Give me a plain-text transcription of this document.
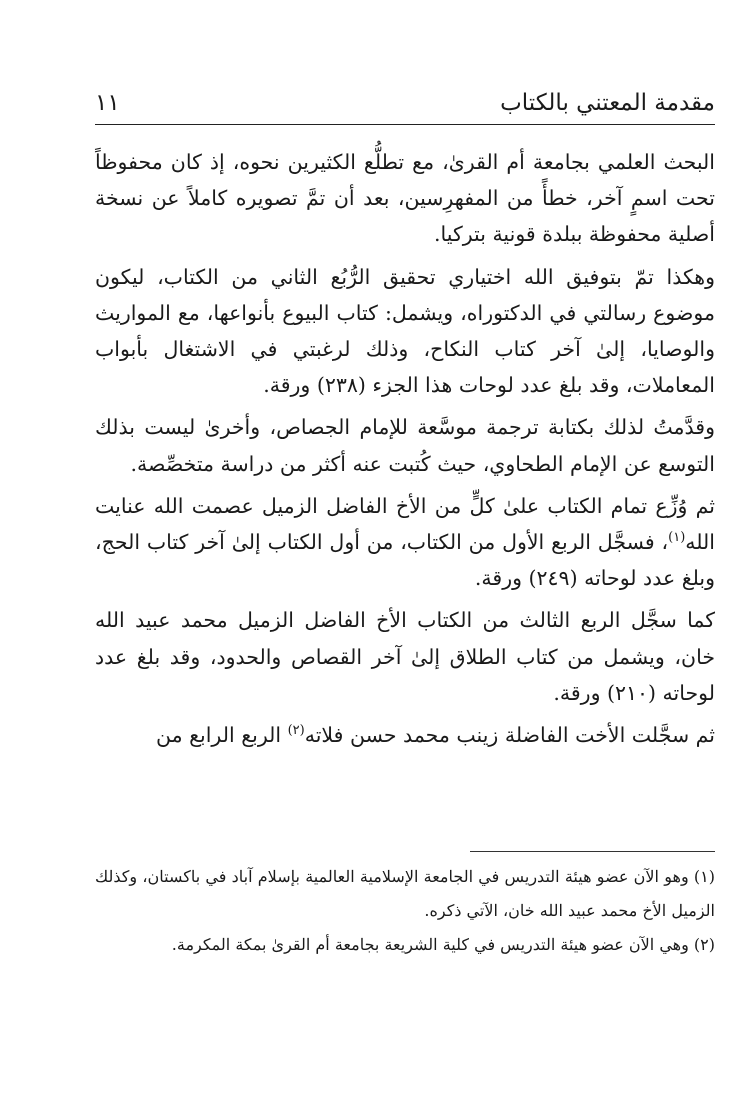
مقدمة المعتني بالكتاب
١١

البحث العلمي بجامعة أم القرىٰ، مع تطلُّع الكثيرين نحوه، إذ كان محفوظاً تحت اسمٍ آخر، خطأً من المفهرِسين، بعد أن تمَّ تصويره كاملاً عن نسخة أصلية محفوظة ببلدة قونية بتركيا.

وهكذا تمّ بتوفيق الله اختياري تحقيق الرُّبُع الثاني من الكتاب، ليكون موضوع رسالتي في الدكتوراه، ويشمل: كتاب البيوع بأنواعها، مع المواريث والوصايا، إلىٰ آخر كتاب النكاح، وذلك لرغبتي في الاشتغال بأبواب المعاملات، وقد بلغ عدد لوحات هذا الجزء (٢٣٨) ورقة.

وقدَّمتُ لذلك بكتابة ترجمة موسَّعة للإمام الجصاص، وأخرىٰ ليست بذلك التوسع عن الإمام الطحاوي، حيث كُتبت عنه أكثر من دراسة متخصِّصة.

ثم وُزِّع تمام الكتاب علىٰ كلٍّ من الأخ الفاضل الزميل عصمت الله عنايت الله$^{(١)}$، فسجَّل الربع الأول من الكتاب، من أول الكتاب إلىٰ آخر كتاب الحج، وبلغ عدد لوحاته (٢٤٩) ورقة.

كما سجَّل الربع الثالث من الكتاب الأخ الفاضل الزميل محمد عبيد الله خان، ويشمل من كتاب الطلاق إلىٰ آخر القصاص والحدود، وقد بلغ عدد لوحاته (٢١٠) ورقة.

ثم سجَّلت الأخت الفاضلة زينب محمد حسن فلاته$^{(٢)}$ الربع الرابع من

(١) وهو الآن عضو هيئة التدريس في الجامعة الإسلامية العالمية بإسلام آباد في باكستان، وكذلك الزميل الأخ محمد عبيد الله خان، الآتي ذكره.

(٢) وهي الآن عضو هيئة التدريس في كلية الشريعة بجامعة أم القرىٰ بمكة المكرمة.
